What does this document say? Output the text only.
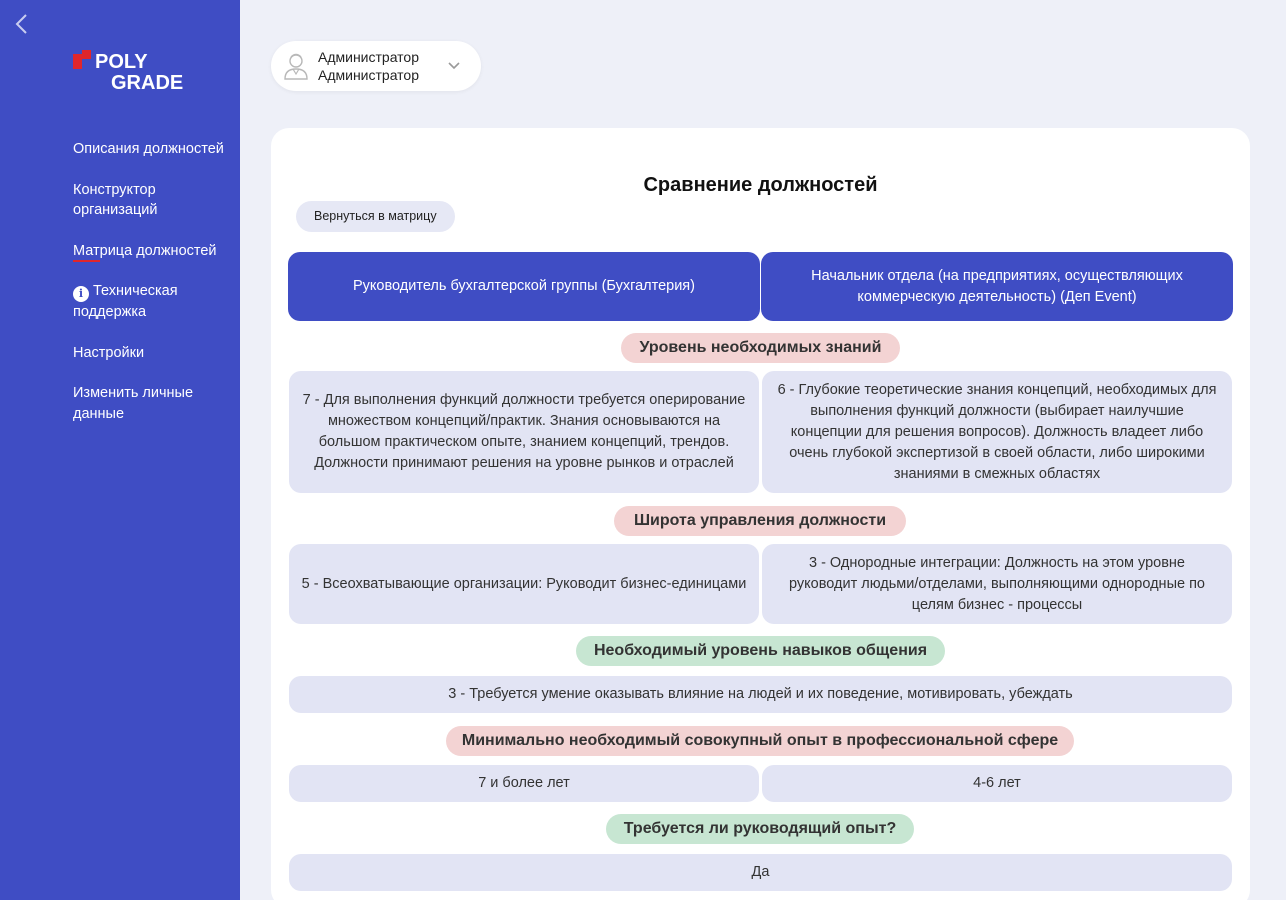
POLY
GRADE
Описания должностей
Конструктор организаций
Матрица должностей
i Техническая поддержка
Настройки
Изменить личные данные
Администратор
Администратор
Сравнение должностей
Вернуться в матрицу
Руководитель бухгалтерской группы (Бухгалтерия)
Начальник отдела (на предприятиях, осуществляющих коммерческую деятельность) (Деп Event)
Уровень необходимых знаний
7 - Для выполнения функций должности требуется оперирование множеством концепций/практик. Знания основываются на большом практическом опыте, знанием концепций, трендов. Должности принимают решения на уровне рынков и отраслей
6 - Глубокие теоретические знания концепций, необходимых для выполнения функций должности (выбирает наилучшие концепции для решения вопросов). Должность владеет либо очень глубокой экспертизой в своей области, либо широкими знаниями в смежных областях
Широта управления должности
5 - Всеохватывающие организации: Руководит бизнес-единицами
3 - Однородные интеграции: Должность на этом уровне руководит людьми/отделами, выполняющими однородные по целям бизнес - процессы
Необходимый уровень навыков общения
3 - Требуется умение оказывать влияние на людей и их поведение, мотивировать, убеждать
Минимально необходимый совокупный опыт в профессиональной сфере
7 и более лет	4-6 лет
Требуется ли руководящий опыт?
Да
